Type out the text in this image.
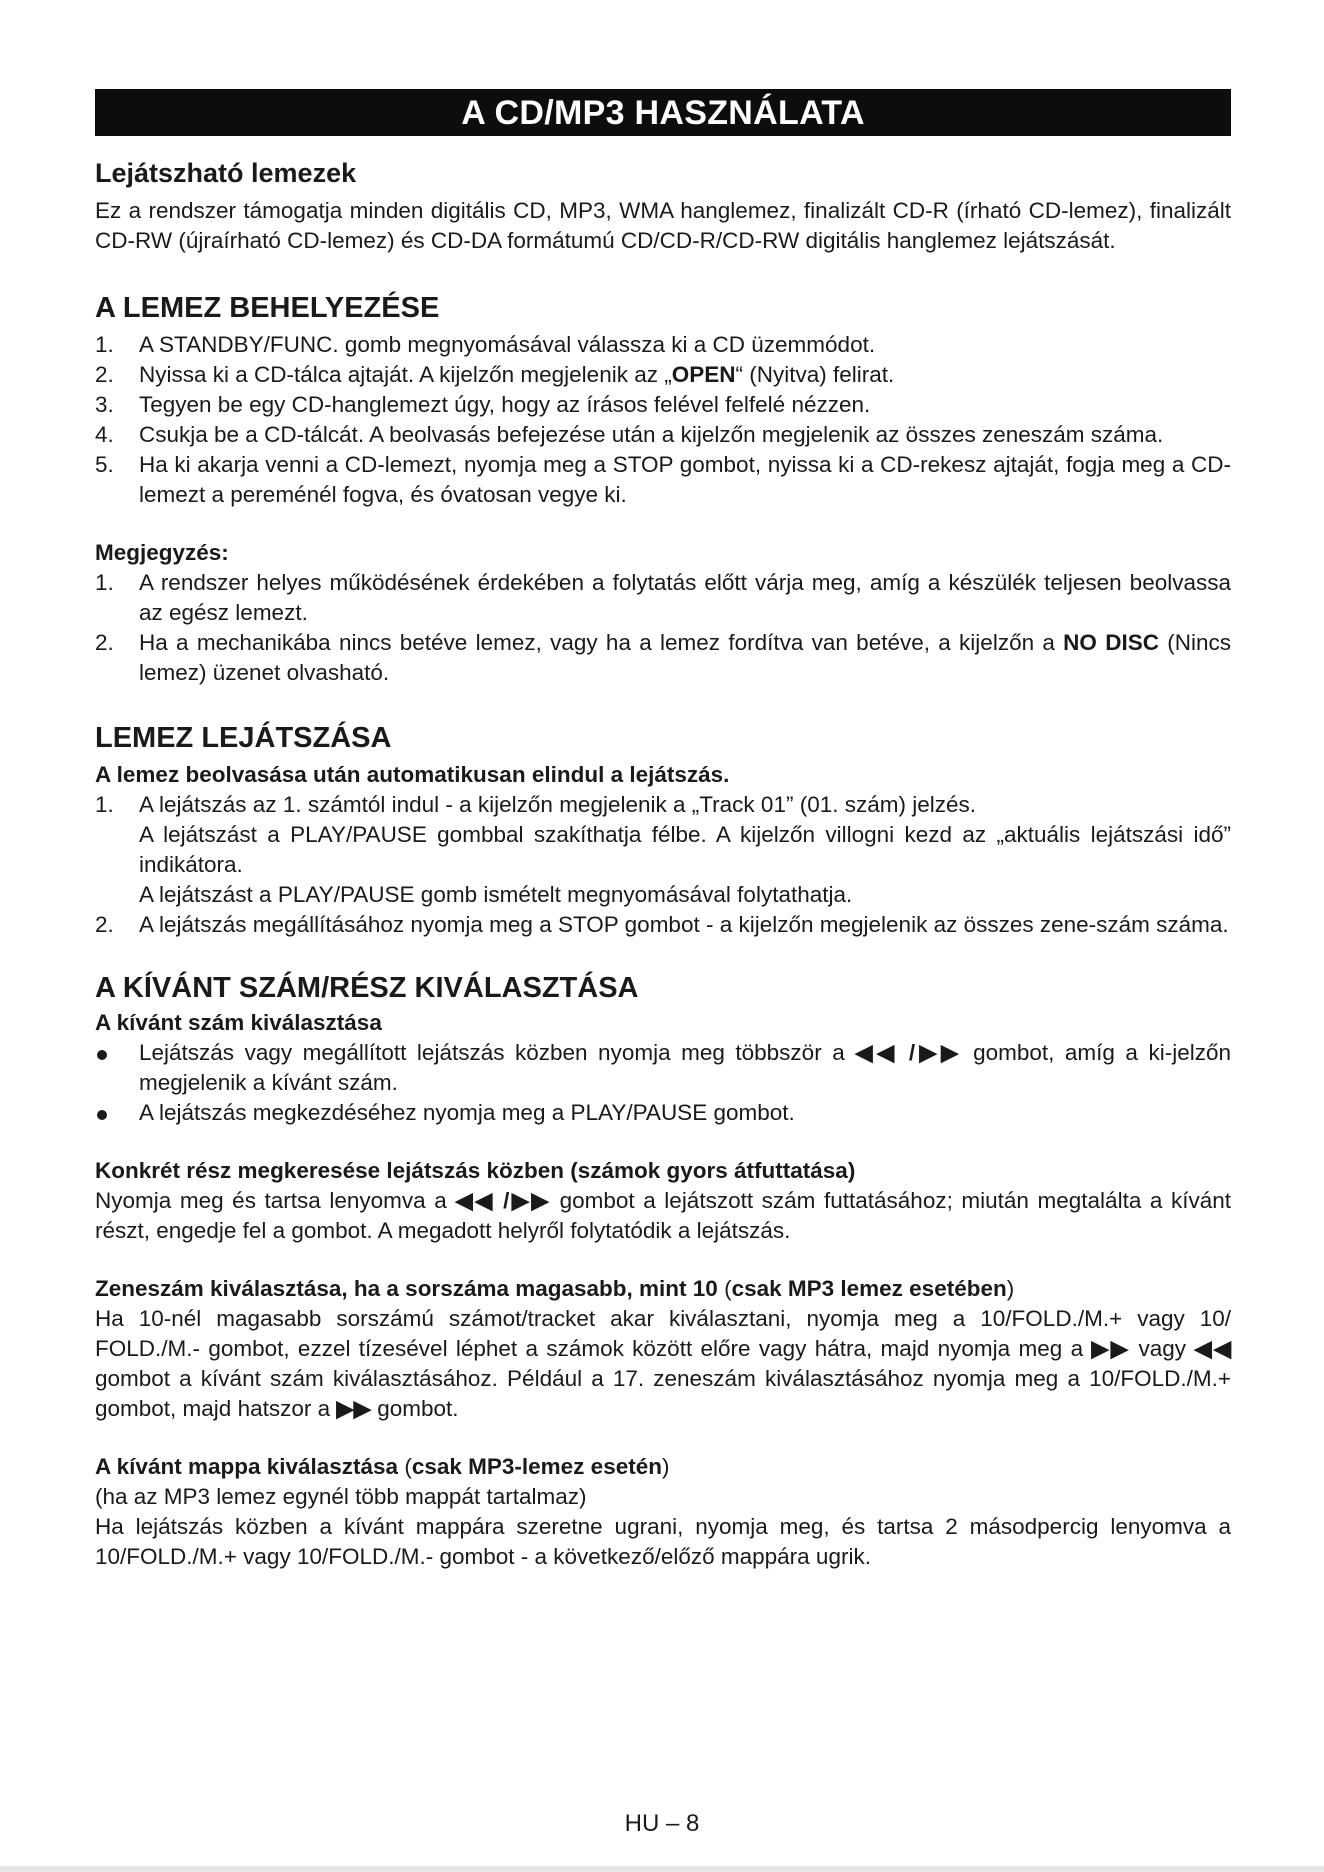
A CD/MP3 HASZNÁLATA
Lejátszható lemezek

Ez a rendszer támogatja minden digitális CD, MP3, WMA hanglemez, finalizált CD-R (írható CD-lemez), finalizált CD-RW (újraírható CD-lemez) és CD-DA formátumú CD/CD-R/CD-RW digitális hanglemez lejátszását.

A LEMEZ BEHELYEZÉSE
1. A STANDBY/FUNC. gomb megnyomásával válassza ki a CD üzemmódot.
2. Nyissa ki a CD-tálca ajtaját. A kijelzőn megjelenik az „OPEN“ (Nyitva) felirat.
3. Tegyen be egy CD-hanglemezt úgy, hogy az írásos felével felfelé nézzen.
4. Csukja be a CD-tálcát. A beolvasás befejezése után a kijelzőn megjelenik az összes zeneszám száma.
5. Ha ki akarja venni a CD-lemezt, nyomja meg a STOP gombot, nyissa ki a CD-rekesz ajtaját, fogja meg a CD-lemezt a pereménél fogva, és óvatosan vegye ki.
Megjegyzés:
1. A rendszer helyes működésének érdekében a folytatás előtt várja meg, amíg a készülék teljesen beolvassa az egész lemezt.
2. Ha a mechanikába nincs betéve lemez, vagy ha a lemez fordítva van betéve, a kijelzőn a NO DISC (Nincs lemez) üzenet olvasható.
LEMEZ LEJÁTSZÁSA
A lemez beolvasása után automatikusan elindul a lejátszás.
1. A lejátszás az 1. számtól indul - a kijelzőn megjelenik a „Track 01” (01. szám) jelzés.
A lejátszást a PLAY/PAUSE gombbal szakíthatja félbe. A kijelzőn villogni kezd az „aktuális lejátszási idő” indikátora.
A lejátszást a PLAY/PAUSE gomb ismételt megnyomásával folytathatja.
2. A lejátszás megállításához nyomja meg a STOP gombot - a kijelzőn megjelenik az összes zene-szám száma.
A KÍVÁNT SZÁM/RÉSZ KIVÁLASZTÁSA
A kívánt szám kiválasztása
Lejátszás vagy megállított lejátszás közben nyomja meg többször a ◀◀ /▶▶ gombot, amíg a ki-jelzőn megjelenik a kívánt szám.
A lejátszás megkezdéséhez nyomja meg a PLAY/PAUSE gombot.
Konkrét rész megkeresése lejátszás közben (számok gyors átfuttatása)

Nyomja meg és tartsa lenyomva a ◀◀ /▶▶ gombot a lejátszott szám futtatásához; miután megtalálta a kívánt részt, engedje fel a gombot. A megadott helyről folytatódik a lejátszás.

Zeneszám kiválasztása, ha a sorszáma magasabb, mint 10 (csak MP3 lemez esetében)

Ha 10-nél magasabb sorszámú számot/tracket akar kiválasztani, nyomja meg a 10/FOLD./M.+ vagy 10/ FOLD./M.- gombot, ezzel tízesével léphet a számok között előre vagy hátra, majd nyomja meg a ▶▶ vagy ◀◀ gombot a kívánt szám kiválasztásához. Például a 17. zeneszám kiválasztásához nyomja meg a 10/FOLD./M.+ gombot, majd hatszor a ▶▶ gombot.

A kívánt mappa kiválasztása (csak MP3-lemez esetén)

(ha az MP3 lemez egynél több mappát tartalmaz)

Ha lejátszás közben a kívánt mappára szeretne ugrani, nyomja meg, és tartsa 2 másodpercig lenyomva a 10/FOLD./M.+ vagy 10/FOLD./M.- gombot - a következő/előző mappára ugrik.

HU – 8
